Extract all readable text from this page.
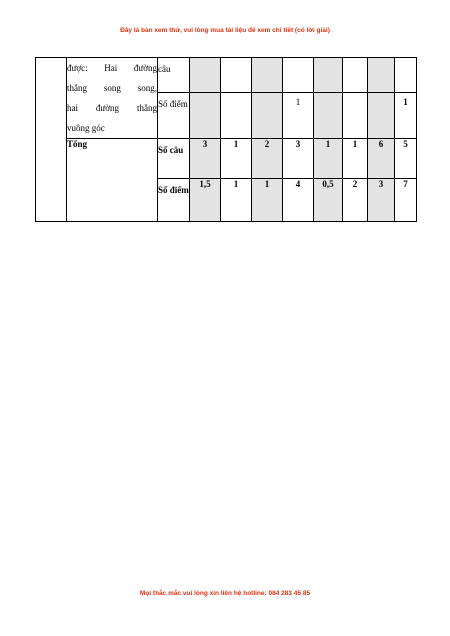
Đây là bản xem thử, vui lòng mua tài liệu để xem chi tiết (có lời giải)

	được: Hai đường
thẳng song song,
hai đường thẳng
vuông góc	câu								
		Số điểm				1				1
	Tổng	Số câu	3	1	2	3	1	1	6	5
		Số điểm	1,5	1	1	4	0,5	2	3	7
Mọi thắc mắc vui lòng xin liên hệ hotline: 084 283 45 85
